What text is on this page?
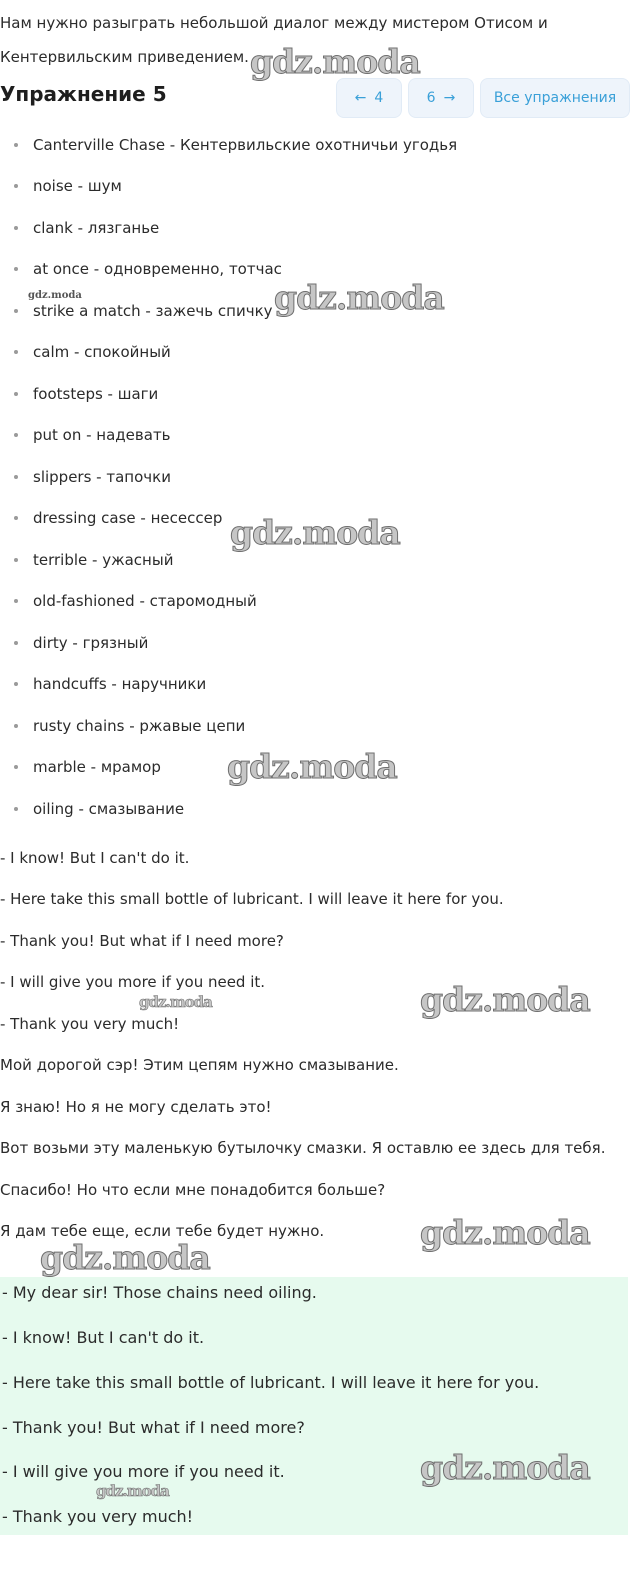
Нам нужно разыграть небольшой диалог между мистером Отисом и Кентервильским приведением.
Упражнение 5	← 4	6 →	Все упражнения
Canterville Chase - Кентервильские охотничьи угодья
noise - шум
clank - лязганье
at once - одновременно, тотчас
strike a match - зажечь спичку
calm - спокойный
footsteps - шаги
put on - надевать
slippers - тапочки
dressing case - несессер
terrible - ужасный
old-fashioned - старомодный
dirty - грязный
handcuffs - наручники
rusty chains - ржавые цепи
marble - мрамор
oiling - смазывание

- I know! But I can't do it.

- Here take this small bottle of lubricant. I will leave it here for you.

- Thank you! But what if I need more?

- I will give you more if you need it.

- Thank you very much!

Мой дорогой сэр! Этим цепям нужно смазывание.

Я знаю! Но я не могу сделать это!

Вот возьми эту маленькую бутылочку смазки. Я оставлю ее здесь для тебя.

Спасибо! Но что если мне понадобится больше?

Я дам тебе еще, если тебе будет нужно.

- My dear sir! Those chains need oiling.

- I know! But I can't do it.

- Here take this small bottle of lubricant. I will leave it here for you.

- Thank you! But what if I need more?

- I will give you more if you need it.

- Thank you very much!

gdz.moda
gdz.moda
gdz.moda
gdz.moda
gdz.moda
gdz.moda
gdz.moda
gdz.moda
gdz.moda
gdz.moda
gdz.moda
